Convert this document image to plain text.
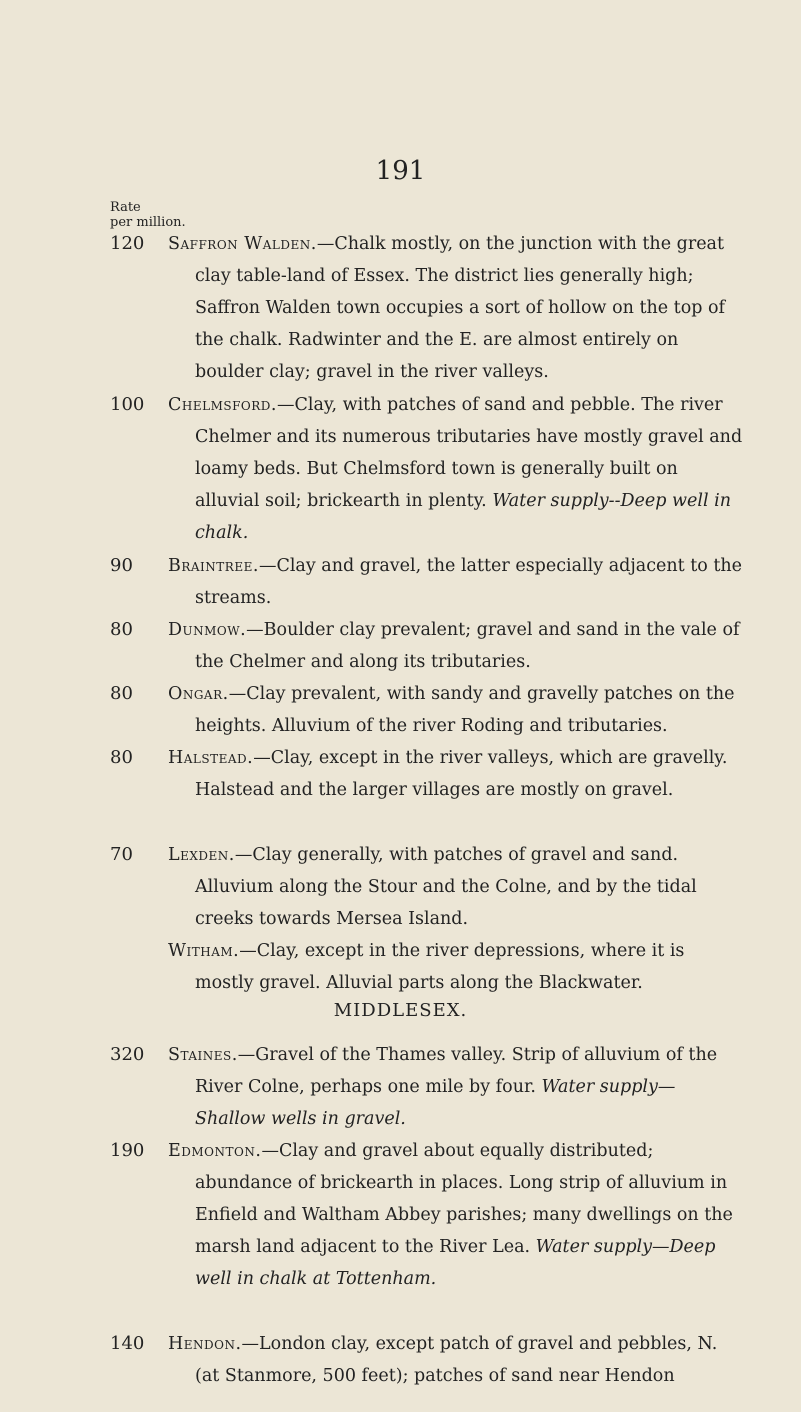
191
Rate
per million.
120 Saffron Walden.—Chalk mostly, on the junction with the great clay table-land of Essex. The district lies generally high; Saffron Walden town occupies a sort of hollow on the top of the chalk. Radwinter and the E. are almost entirely on boulder clay; gravel in the river valleys.

100 Chelmsford.—Clay, with patches of sand and pebble. The river Chelmer and its numerous tributaries have mostly gravel and loamy beds. But Chelmsford town is generally built on alluvial soil; brickearth in plenty. Water supply--Deep well in chalk.

90 Braintree.—Clay and gravel, the latter especially adjacent to the streams.

80 Dunmow.—Boulder clay prevalent; gravel and sand in the vale of the Chelmer and along its tributaries.

80 Ongar.—Clay prevalent, with sandy and gravelly patches on the heights. Alluvium of the river Roding and tributaries.

80 Halstead.—Clay, except in the river valleys, which are gravelly. Halstead and the larger villages are mostly on gravel.

70 Lexden.—Clay generally, with patches of gravel and sand. Alluvium along the Stour and the Colne, and by the tidal creeks towards Mersea Island.

Witham.—Clay, except in the river depressions, where it is mostly gravel. Alluvial parts along the Blackwater.

MIDDLESEX.
320 Staines.—Gravel of the Thames valley. Strip of alluvium of the River Colne, perhaps one mile by four. Water supply—Shallow wells in gravel.

190 Edmonton.—Clay and gravel about equally distributed; abundance of brickearth in places. Long strip of alluvium in Enfield and Waltham Abbey parishes; many dwellings on the marsh land adjacent to the River Lea. Water supply—Deep well in chalk at Tottenham.

140 Hendon.—London clay, except patch of gravel and pebbles, N. (at Stanmore, 500 feet); patches of sand near Hendon
